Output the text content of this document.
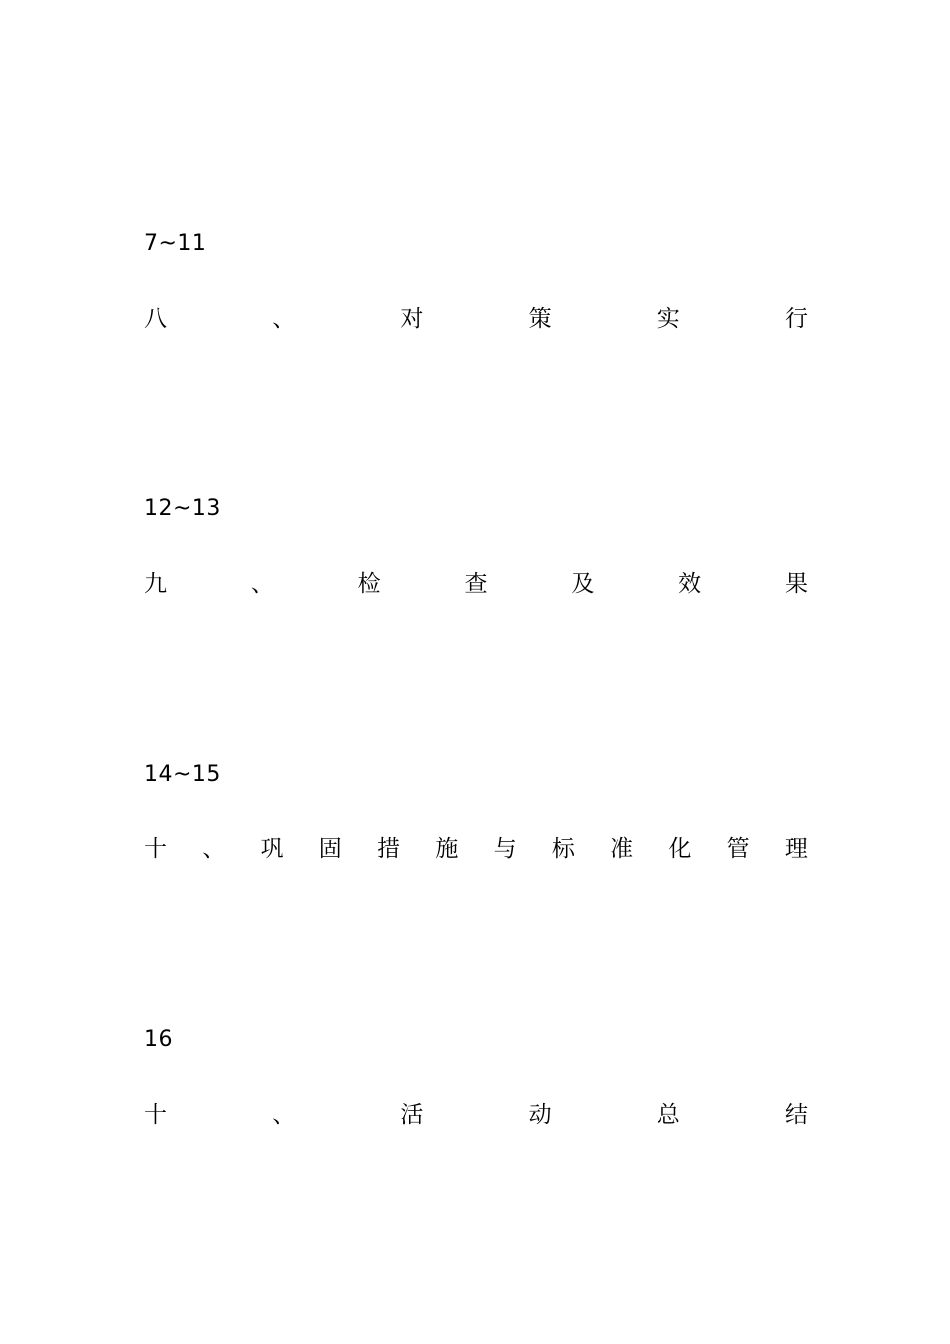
7~11
八	、	对	策	实	行
12~13
九	、	检	查	及	效	果
14~15
十 、 巩 固 措 施 与 标 准 化 管 理
16
十	、	活	动	总	结
